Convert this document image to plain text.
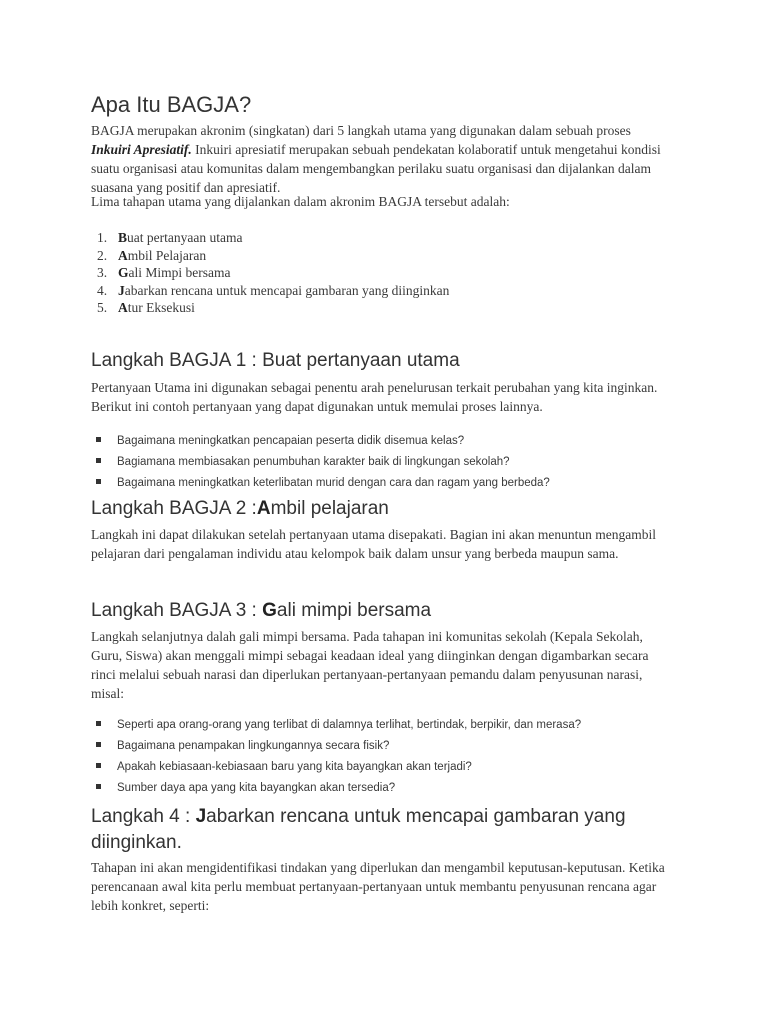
Apa Itu BAGJA?

BAGJA merupakan akronim (singkatan) dari 5 langkah utama yang digunakan dalam sebuah proses Inkuiri Apresiatif. Inkuiri apresiatif merupakan sebuah pendekatan kolaboratif untuk mengetahui kondisi suatu organisasi atau komunitas dalam mengembangkan perilaku suatu organisasi dan dijalankan dalam suasana yang positif dan apresiatif.

Lima tahapan utama yang dijalankan dalam akronim BAGJA tersebut adalah:

1. Buat pertanyaan utama
2. Ambil Pelajaran
3. Gali Mimpi bersama
4. Jabarkan rencana untuk mencapai gambaran yang diinginkan
5. Atur Eksekusi
Langkah BAGJA 1 : Buat pertanyaan utama

Pertanyaan Utama ini digunakan sebagai penentu arah penelurusan terkait perubahan yang kita inginkan. Berikut ini contoh pertanyaan yang dapat digunakan untuk memulai proses lainnya.

Bagaimana meningkatkan pencapaian peserta didik disemua kelas?
Bagiamana membiasakan penumbuhan karakter baik di lingkungan sekolah?
Bagaimana meningkatkan keterlibatan murid dengan cara dan ragam yang berbeda?
Langkah BAGJA 2 :Ambil pelajaran

Langkah ini dapat dilakukan setelah pertanyaan utama disepakati. Bagian ini akan menuntun mengambil pelajaran dari pengalaman individu atau kelompok baik dalam unsur yang berbeda maupun sama.

Langkah BAGJA 3 : Gali mimpi bersama

Langkah selanjutnya dalah gali mimpi bersama. Pada tahapan ini komunitas sekolah (Kepala Sekolah, Guru, Siswa) akan menggali mimpi sebagai keadaan ideal yang diinginkan dengan digambarkan secara rinci melalui sebuah narasi dan diperlukan pertanyaan-pertanyaan pemandu dalam penyusunan narasi, misal:

Seperti apa orang-orang yang terlibat di dalamnya terlihat, bertindak, berpikir, dan merasa?
Bagaimana penampakan lingkungannya secara fisik?
Apakah kebiasaan-kebiasaan baru yang kita bayangkan akan terjadi?
Sumber daya apa yang kita bayangkan akan tersedia?
Langkah 4 : Jabarkan rencana untuk mencapai gambaran yang
diinginkan.

Tahapan ini akan mengidentifikasi tindakan yang diperlukan dan mengambil keputusan-keputusan. Ketika perencanaan awal kita perlu membuat pertanyaan-pertanyaan untuk membantu penyusunan rencana agar lebih konkret, seperti:
